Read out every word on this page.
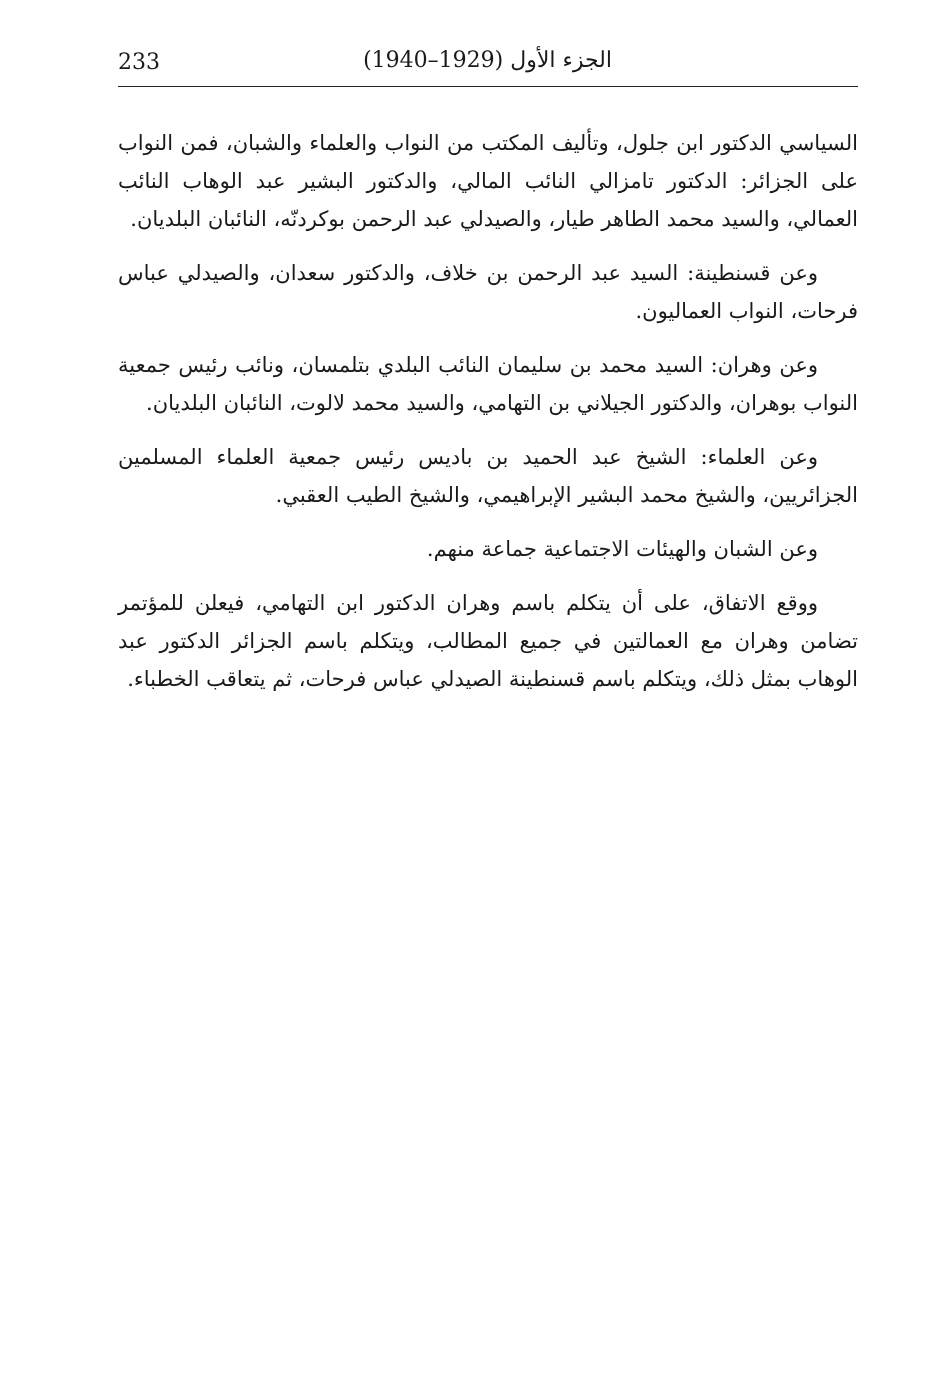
233	الجزء الأول (1929–1940)

السياسي الدكتور ابن جلول، وتأليف المكتب من النواب والعلماء والشبان، فمن النواب على الجزائر: الدكتور تامزالي النائب المالي، والدكتور البشير عبد الوهاب النائب العمالي، والسيد محمد الطاهر طيار، والصيدلي عبد الرحمن بوكردنّه، النائبان البلديان.

وعن قسنطينة: السيد عبد الرحمن بن خلاف، والدكتور سعدان، والصيدلي عباس فرحات، النواب العماليون.

وعن وهران: السيد محمد بن سليمان النائب البلدي بتلمسان، ونائب رئيس جمعية النواب بوهران، والدكتور الجيلاني بن التهامي، والسيد محمد لالوت، النائبان البلديان.

وعن العلماء: الشيخ عبد الحميد بن باديس رئيس جمعية العلماء المسلمين الجزائريين، والشيخ محمد البشير الإبراهيمي، والشيخ الطيب العقبي.

وعن الشبان والهيئات الاجتماعية جماعة منهم.

ووقع الاتفاق، على أن يتكلم باسم وهران الدكتور ابن التهامي، فيعلن للمؤتمر تضامن وهران مع العمالتين في جميع المطالب، ويتكلم باسم الجزائر الدكتور عبد الوهاب بمثل ذلك، ويتكلم باسم قسنطينة الصيدلي عباس فرحات، ثم يتعاقب الخطباء.
